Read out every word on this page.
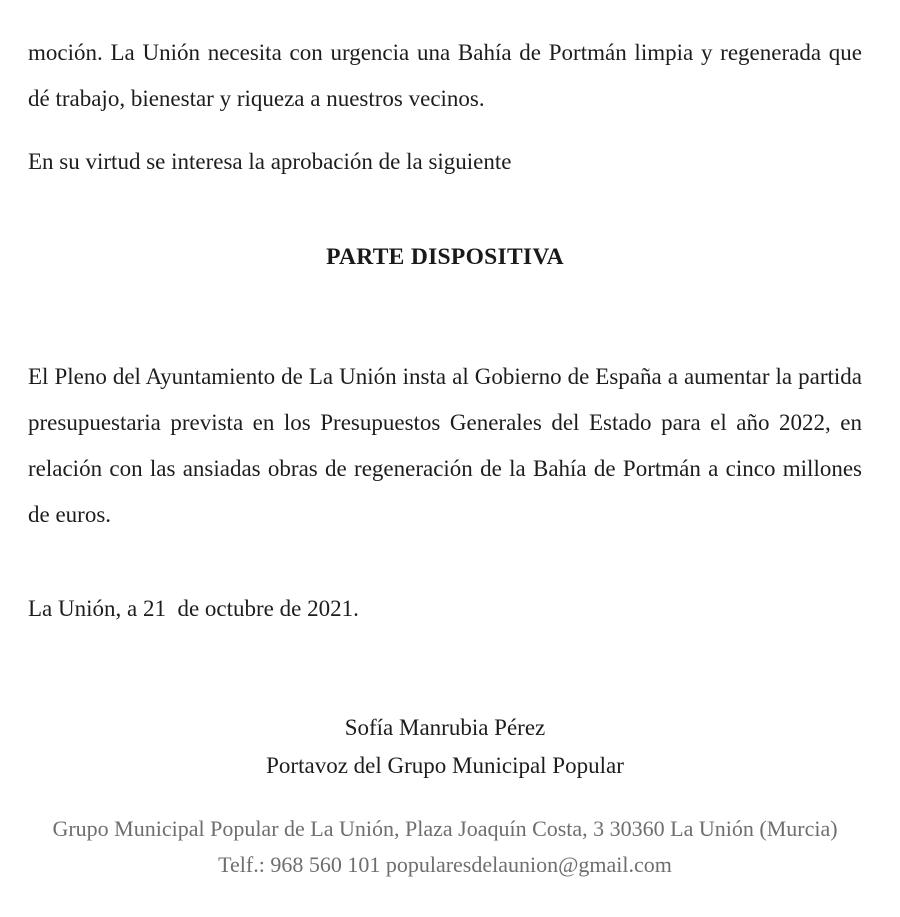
moción. La Unión necesita con urgencia una Bahía de Portmán limpia y regenerada que dé trabajo, bienestar y riqueza a nuestros vecinos.

En su virtud se interesa la aprobación de la siguiente

PARTE DISPOSITIVA

El Pleno del Ayuntamiento de La Unión insta al Gobierno de España a aumentar la partida presupuestaria prevista en los Presupuestos Generales del Estado para el año 2022, en relación con las ansiadas obras de regeneración de la Bahía de Portmán a cinco millones de euros.

La Unión, a 21  de octubre de 2021.
Sofía Manrubia Pérez
Portavoz del Grupo Municipal Popular
Grupo Municipal Popular de La Unión, Plaza Joaquín Costa, 3 30360 La Unión (Murcia) Telf.: 968 560 101 popularesdelaunion@gmail.com
